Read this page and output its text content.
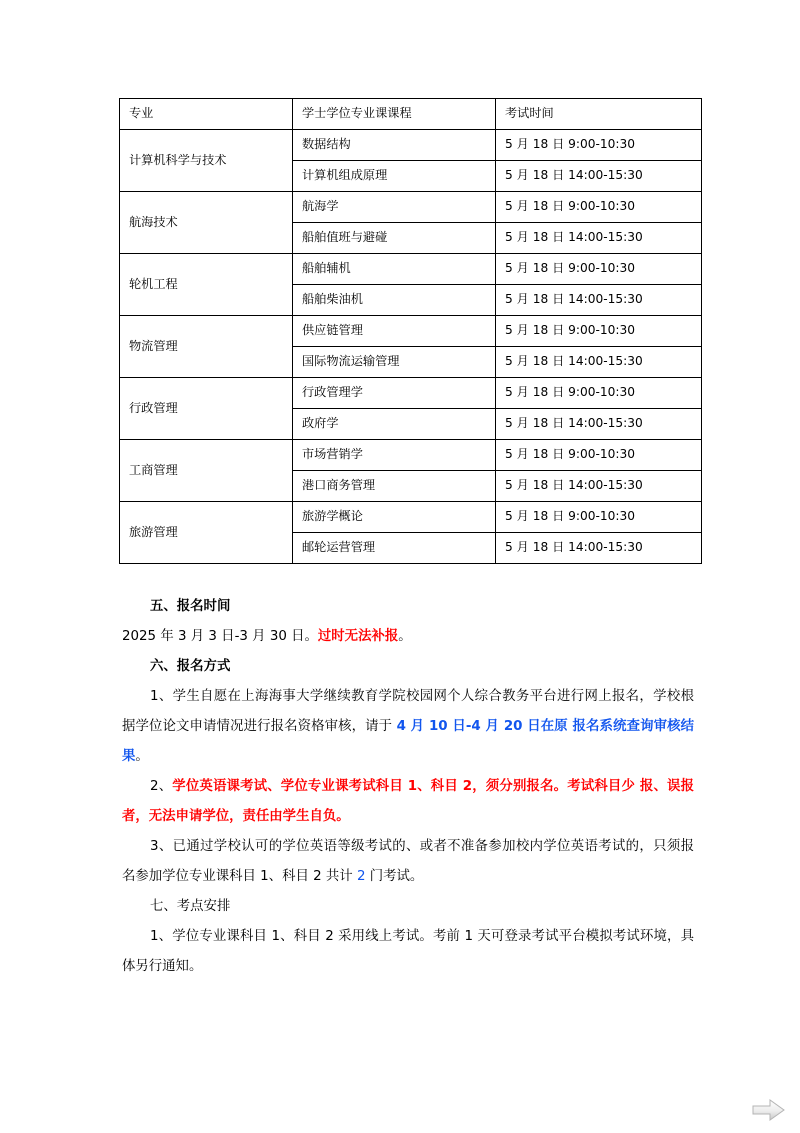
专业	学士学位专业课课程	考试时间
计算机科学与技术	数据结构	5 月 18 日 9:00-10:30
	计算机组成原理	5 月 18 日 14:00-15:30
航海技术	航海学	5 月 18 日 9:00-10:30
	船舶值班与避碰	5 月 18 日 14:00-15:30
轮机工程	船舶辅机	5 月 18 日 9:00-10:30
	船舶柴油机	5 月 18 日 14:00-15:30
物流管理	供应链管理	5 月 18 日 9:00-10:30
	国际物流运输管理	5 月 18 日 14:00-15:30
行政管理	行政管理学	5 月 18 日 9:00-10:30
	政府学	5 月 18 日 14:00-15:30
工商管理	市场营销学	5 月 18 日 9:00-10:30
	港口商务管理	5 月 18 日 14:00-15:30
旅游管理	旅游学概论	5 月 18 日 9:00-10:30
	邮轮运营管理	5 月 18 日 14:00-15:30

五、报名时间

2025 年 3 月 3 日-3 月 30 日。过时无法补报。

六、报名方式

1、学生自愿在上海海事大学继续教育学院校园网个人综合教务平台进行网上报名，学校根据学位论文申请情况进行报名资格审核，请于 4 月 10 日-4 月 20 日在原 报名系统查询审核结果。

2、学位英语课考试、学位专业课考试科目 1、科目 2，须分别报名。考试科目少 报、误报者，无法申请学位，责任由学生自负。

3、已通过学校认可的学位英语等级考试的、或者不准备参加校内学位英语考试的，只须报名参加学位专业课科目 1、科目 2 共计 2 门考试。

七、考点安排

1、学位专业课科目 1、科目 2 采用线上考试。考前 1 天可登录考试平台模拟考试环境，具体另行通知。
